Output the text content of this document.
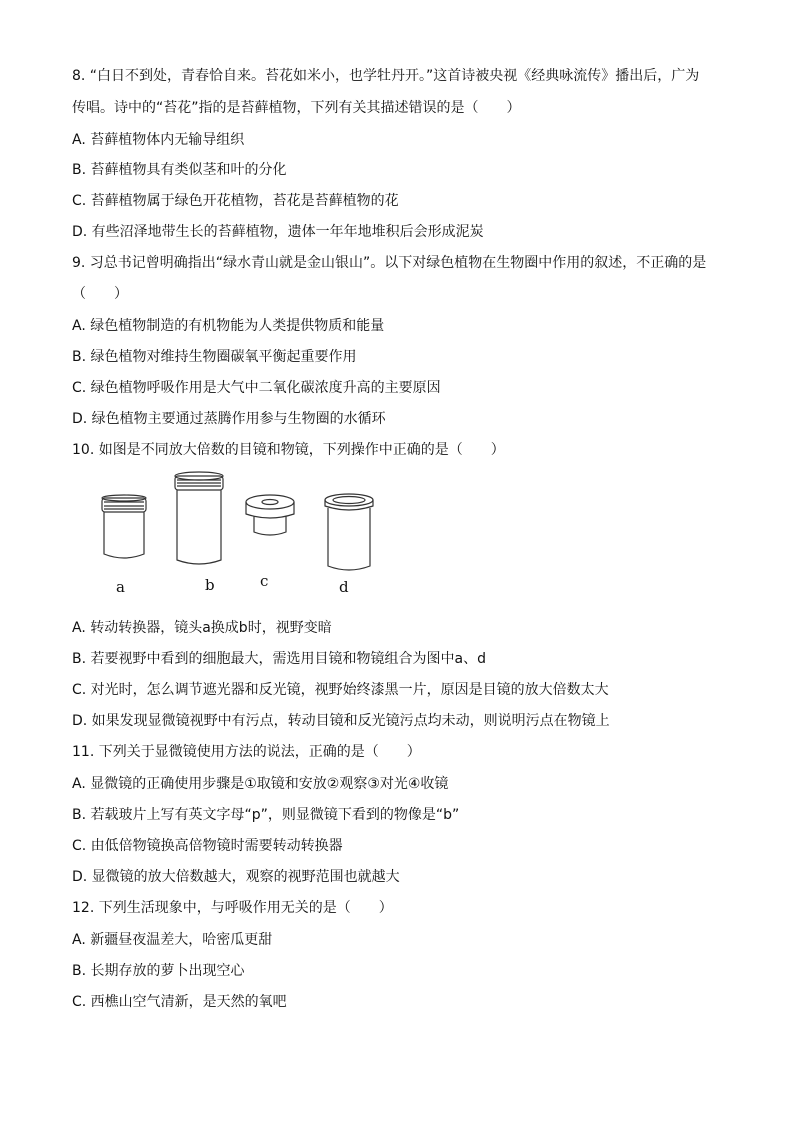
8. “白日不到处，青春恰自来。苔花如米小，也学牡丹开。”这首诗被央视《经典咏流传》播出后，广为
传唱。诗中的“苔花”指的是苔藓植物，下列有关其描述错误的是（　　）
A. 苔藓植物体内无输导组织
B. 苔藓植物具有类似茎和叶的分化
C. 苔藓植物属于绿色开花植物，苔花是苔藓植物的花
D. 有些沼泽地带生长的苔藓植物，遗体一年年地堆积后会形成泥炭
9. 习总书记曾明确指出“绿水青山就是金山银山”。以下对绿色植物在生物圈中作用的叙述，不正确的是
（　　）
A. 绿色植物制造的有机物能为人类提供物质和能量
B. 绿色植物对维持生物圈碳氧平衡起重要作用
C. 绿色植物呼吸作用是大气中二氧化碳浓度升高的主要原因
D. 绿色植物主要通过蒸腾作用参与生物圈的水循环
10. 如图是不同放大倍数的目镜和物镜，下列操作中正确的是（　　）
a	b	c	d
A. 转动转换器，镜头a换成b时，视野变暗
B. 若要视野中看到的细胞最大，需选用目镜和物镜组合为图中a、d
C. 对光时，怎么调节遮光器和反光镜，视野始终漆黑一片，原因是目镜的放大倍数太大
D. 如果发现显微镜视野中有污点，转动目镜和反光镜污点均未动，则说明污点在物镜上
11. 下列关于显微镜使用方法的说法，正确的是（　　）
A. 显微镜的正确使用步骤是①取镜和安放②观察③对光④收镜
B. 若载玻片上写有英文字母“p”，则显微镜下看到的物像是“b”
C. 由低倍物镜换高倍物镜时需要转动转换器
D. 显微镜的放大倍数越大，观察的视野范围也就越大
12. 下列生活现象中，与呼吸作用无关的是（　　）
A. 新疆昼夜温差大，哈密瓜更甜
B. 长期存放的萝卜出现空心
C. 西樵山空气清新，是天然的氧吧
